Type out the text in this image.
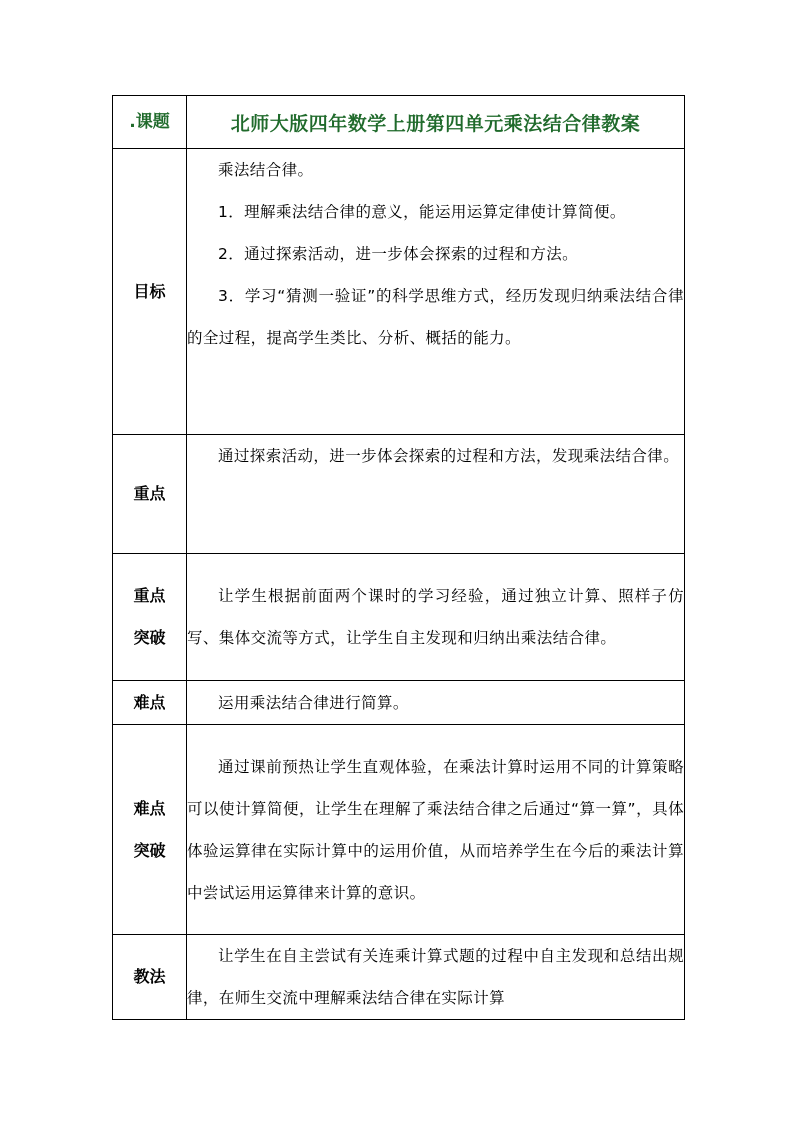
.课题	北师大版四年数学上册第四单元乘法结合律教案

目标	乘法结合律。

1．理解乘法结合律的意义，能运用运算定律使计算简便。

2．通过探索活动，进一步体会探索的过程和方法。

3．学习“猜测一验证”的科学思维方式，经历发现归纳乘法结合律的全过程，提高学生类比、分析、概括的能力。

重点	通过探索活动，进一步体会探索的过程和方法，发现乘法结合律。

重点
突破	让学生根据前面两个课时的学习经验，通过独立计算、照样子仿写、集体交流等方式，让学生自主发现和归纳出乘法结合律。

难点	运用乘法结合律进行简算。

难点
突破	通过课前预热让学生直观体验，在乘法计算时运用不同的计算策略可以使计算简便，让学生在理解了乘法结合律之后通过“算一算”，具体体验运算律在实际计算中的运用价值，从而培养学生在今后的乘法计算中尝试运用运算律来计算的意识。

教法	让学生在自主尝试有关连乘计算式题的过程中自主发现和总结出规律，在师生交流中理解乘法结合律在实际计算
